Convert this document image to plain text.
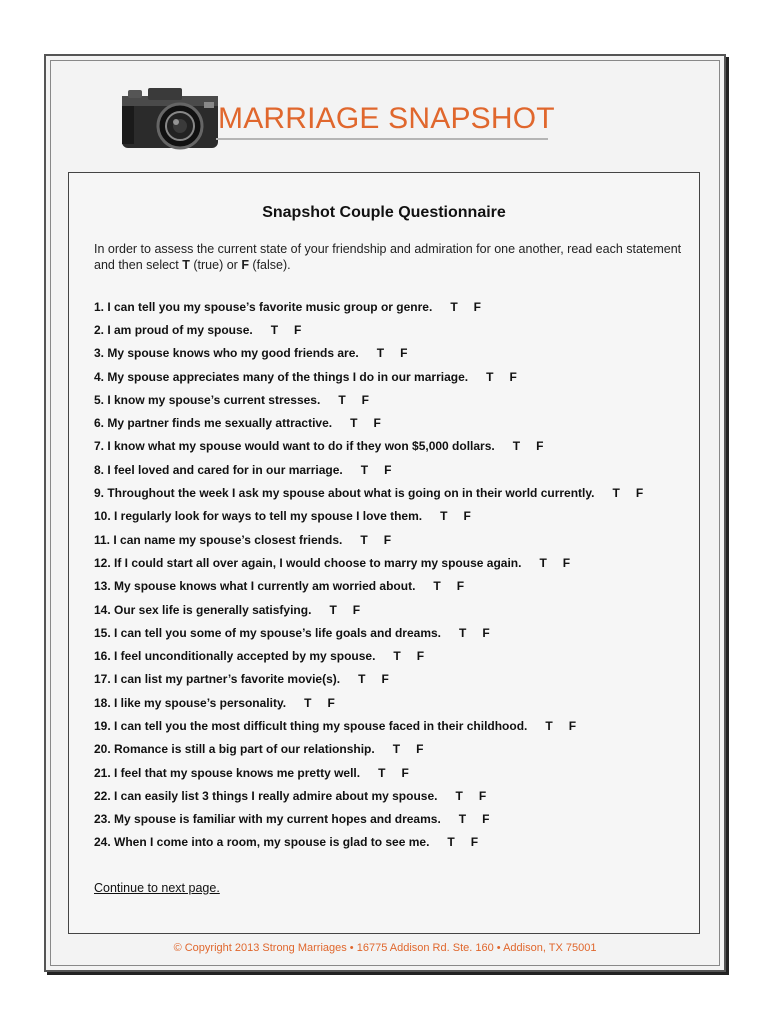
MARRIAGE SNAPSHOT
Snapshot Couple Questionnaire
In order to assess the current state of your friendship and admiration for one another, read each statement and then select T (true) or F (false).
1. I can tell you my spouse’s favorite music group or genre. T F
2. I am proud of my spouse. T F
3. My spouse knows who my good friends are. T F
4. My spouse appreciates many of the things I do in our marriage. T F
5. I know my spouse’s current stresses. T F
6. My partner finds me sexually attractive. T F
7. I know what my spouse would want to do if they won $5,000 dollars. T F
8. I feel loved and cared for in our marriage. T F
9. Throughout the week I ask my spouse about what is going on in their world currently. T F
10. I regularly look for ways to tell my spouse I love them. T F
11. I can name my spouse’s closest friends. T F
12. If I could start all over again, I would choose to marry my spouse again. T F
13. My spouse knows what I currently am worried about. T F
14. Our sex life is generally satisfying. T F
15. I can tell you some of my spouse’s life goals and dreams. T F
16. I feel unconditionally accepted by my spouse. T F
17. I can list my partner’s favorite movie(s). T F
18. I like my spouse’s personality. T F
19. I can tell you the most difficult thing my spouse faced in their childhood. T F
20. Romance is still a big part of our relationship. T F
21. I feel that my spouse knows me pretty well. T F
22. I can easily list 3 things I really admire about my spouse. T F
23. My spouse is familiar with my current hopes and dreams. T F
24. When I come into a room, my spouse is glad to see me. T F
Continue to next page.
© Copyright 2013 Strong Marriages • 16775 Addison Rd. Ste. 160 • Addison, TX 75001
